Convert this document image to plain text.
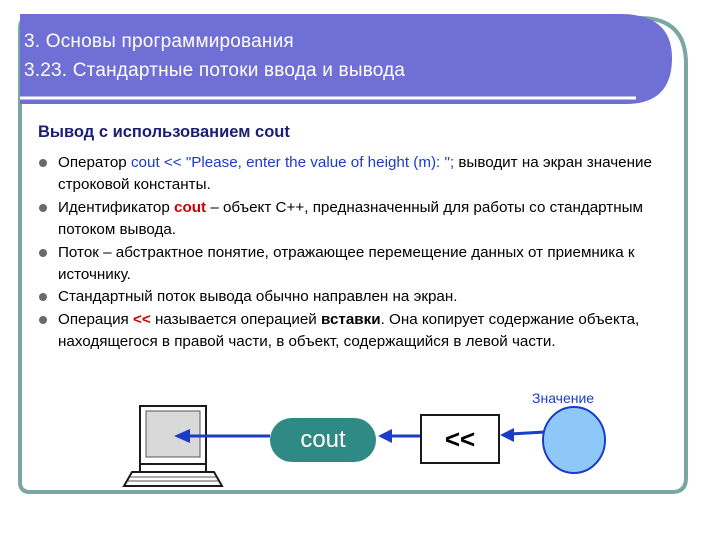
3. Основы программирования
3.23. Стандартные потоки ввода и вывода
Вывод с использованием cout
Оператор cout << "Please, enter the value of height (m): "; выводит на экран значение строковой константы.
Идентификатор cout – объект С++, предназначенный для работы со стандартным потоком вывода.
Поток – абстрактное понятие, отражающее перемещение данных от приемника к источнику.
Стандартный поток вывода обычно направлен на экран.
Операция << называется операцией вставки. Она копирует содержание объекта, находящегося в правой части, в объект, содержащийся в левой части.
Значение
cout	<<
